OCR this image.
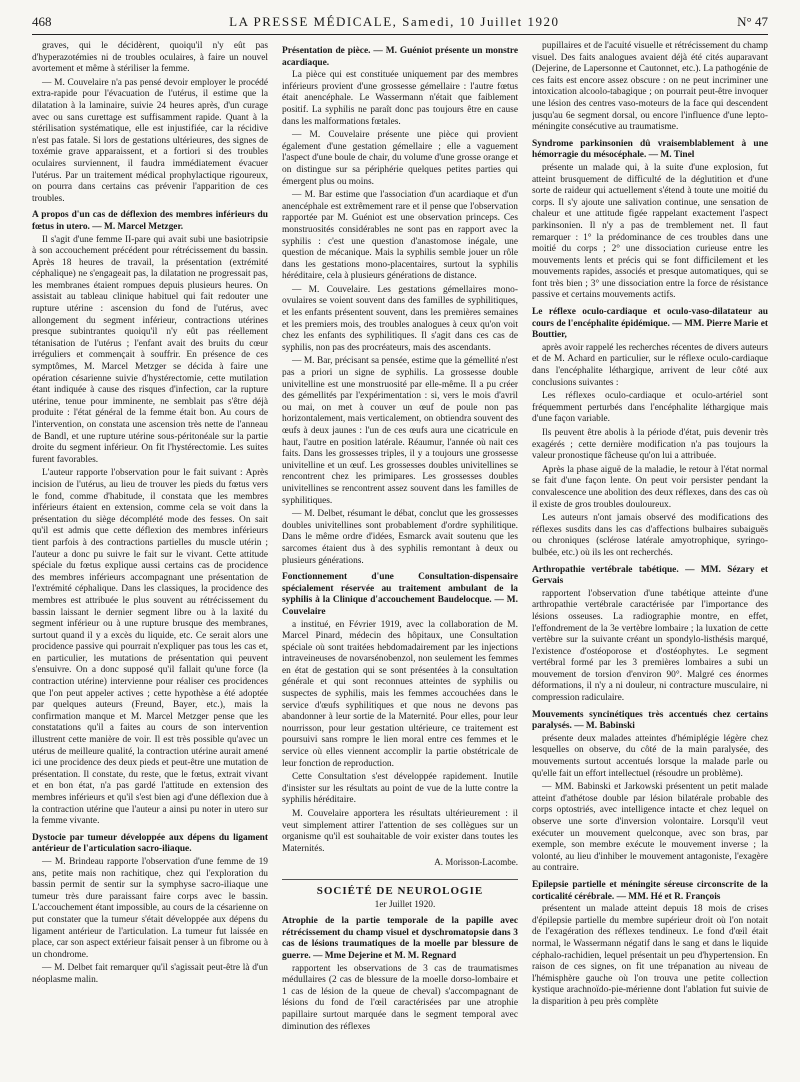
468	LA PRESSE MÉDICALE, Samedi, 10 Juillet 1920	N° 47

graves, qui le décidèrent, quoiqu'il n'y eût pas d'hyperazotémies ni de troubles oculaires, à faire un nouvel avortement et même à stériliser la femme.

— M. Couvelaire n'a pas pensé devoir employer le procédé extra-rapide pour l'évacuation de l'utérus, il estime que la dilatation à la laminaire, suivie 24 heures après, d'un curage avec ou sans curettage est suffisamment rapide. Quant à la stérilisation systématique, elle est injustifiée, car la récidive n'est pas fatale. Si lors de gestations ultérieures, des signes de toxémie grave apparaissent, et a fortiori si des troubles oculaires surviennent, il faudra immédiatement évacuer l'utérus. Par un traitement médical prophylactique rigoureux, on pourra dans certains cas prévenir l'apparition de ces troubles.

A propos d'un cas de déflexion des membres inférieurs du fœtus in utero. — M. Marcel Metzger.

Il s'agit d'une femme II-pare qui avait subi une basiotripsie à son accouchement précédent pour rétrécissement du bassin. Après 18 heures de travail, la présentation (extrémité céphalique) ne s'engageait pas, la dilatation ne progressait pas, les membranes étaient rompues depuis plusieurs heures. On assistait au tableau clinique habituel qui fait redouter une rupture utérine : ascension du fond de l'utérus, avec allongement du segment inférieur, contractions utérines presque subintrantes quoiqu'il n'y eût pas réellement tétanisation de l'utérus ; l'enfant avait des bruits du cœur irréguliers et commençait à souffrir. En présence de ces symptômes, M. Marcel Metzger se décida à faire une opération césarienne suivie d'hystérectomie, cette mutilation étant indiquée à cause des risques d'infection, car la rupture utérine, tenue pour imminente, ne semblait pas s'être déjà produite : l'état général de la femme était bon. Au cours de l'intervention, on constata une ascension très nette de l'anneau de Bandl, et une rupture utérine sous-péritonéale sur la partie droite du segment inférieur. On fit l'hystérectomie. Les suites furent favorables.

L'auteur rapporte l'observation pour le fait suivant : Après incision de l'utérus, au lieu de trouver les pieds du fœtus vers le fond, comme d'habitude, il constata que les membres inférieurs étaient en extension, comme cela se voit dans la présentation du siège décomplété mode des fesses. On sait qu'il est admis que cette déflexion des membres inférieurs tient parfois à des contractions partielles du muscle utérin ; l'auteur a donc pu suivre le fait sur le vivant. Cette attitude spéciale du fœtus explique aussi certains cas de procidence des membres inférieurs accompagnant une présentation de l'extrémité céphalique. Dans les classiques, la procidence des membres est attribuée le plus souvent au rétrécissement du bassin laissant le dernier segment libre ou à la laxité du segment inférieur ou à une rupture brusque des membranes, surtout quand il y a excès du liquide, etc. Ce serait alors une procidence passive qui pourrait n'expliquer pas tous les cas et, en particulier, les mutations de présentation qui peuvent s'ensuivre. On a donc supposé qu'il fallait qu'une force (la contraction utérine) intervienne pour réaliser ces procidences que l'on peut appeler actives ; cette hypothèse a été adoptée par quelques auteurs (Freund, Bayer, etc.), mais la confirmation manque et M. Marcel Metzger pense que les constatations qu'il a faites au cours de son intervention illustrent cette manière de voir. Il est très possible qu'avec un utérus de meilleure qualité, la contraction utérine aurait amené ici une procidence des deux pieds et peut-être une mutation de présentation. Il constate, du reste, que le fœtus, extrait vivant et en bon état, n'a pas gardé l'attitude en extension des membres inférieurs et qu'il s'est bien agi d'une déflexion due à la contraction utérine que l'auteur a ainsi pu noter in utero sur la femme vivante.

Dystocie par tumeur développée aux dépens du ligament antérieur de l'articulation sacro-iliaque.

— M. Brindeau rapporte l'observation d'une femme de 19 ans, petite mais non rachitique, chez qui l'exploration du bassin permit de sentir sur la symphyse sacro-iliaque une tumeur très dure paraissant faire corps avec le bassin. L'accouchement étant impossible, au cours de la césarienne on put constater que la tumeur s'était développée aux dépens du ligament antérieur de l'articulation. La tumeur fut laissée en place, car son aspect extérieur faisait penser à un fibrome ou à un chondrome.

— M. Delbet fait remarquer qu'il s'agissait peut-être là d'un néoplasme malin.

Présentation de pièce. — M. Guéniot présente un monstre acardiaque.

La pièce qui est constituée uniquement par des membres inférieurs provient d'une grossesse gémellaire : l'autre fœtus était anencéphale. Le Wassermann n'était que faiblement positif. La syphilis ne paraît donc pas toujours être en cause dans les malformations fœtales.

— M. Couvelaire présente une pièce qui provient également d'une gestation gémellaire ; elle a vaguement l'aspect d'une boule de chair, du volume d'une grosse orange et on distingue sur sa périphérie quelques petites parties qui émergent plus ou moins.

— M. Bar estime que l'association d'un acardiaque et d'un anencéphale est extrêmement rare et il pense que l'observation rapportée par M. Guéniot est une observation princeps. Ces monstruosités considérables ne sont pas en rapport avec la syphilis : c'est une question d'anastomose inégale, une question de mécanique. Mais la syphilis semble jouer un rôle dans les gestations mono-placentaires, surtout la syphilis héréditaire, cela à plusieurs générations de distance.

— M. Couvelaire. Les gestations gémellaires mono-ovulaires se voient souvent dans des familles de syphilitiques, et les enfants présentent souvent, dans les premières semaines et les premiers mois, des troubles analogues à ceux qu'on voit chez les enfants des syphilitiques. Il s'agit dans ces cas de syphilis, non pas des procréateurs, mais des ascendants.

— M. Bar, précisant sa pensée, estime que la gémellité n'est pas a priori un signe de syphilis. La grossesse double univitelline est une monstruosité par elle-même. Il a pu créer des gémellités par l'expérimentation : si, vers le mois d'avril ou mai, on met à couver un œuf de poule non pas horizontalement, mais verticalement, on obtiendra souvent des œufs à deux jaunes : l'un de ces œufs aura une cicatricule en haut, l'autre en position latérale. Réaumur, l'année où nait ces faits. Dans les grossesses triples, il y a toujours une grossesse univitelline et un œuf. Les grossesses doubles univitellines se rencontrent chez les primipares. Les grossesses doubles univitellines se rencontrent assez souvent dans les familles de syphilitiques.

— M. Delbet, résumant le débat, conclut que les grossesses doubles univitellines sont probablement d'ordre syphilitique. Dans le même ordre d'idées, Esmarck avait soutenu que les sarcomes étaient dus à des syphilis remontant à deux ou plusieurs générations.

Fonctionnement d'une Consultation-dispensaire spécialement réservée au traitement ambulant de la syphilis à la Clinique d'accouchement Baudelocque. — M. Couvelaire

a institué, en Février 1919, avec la collaboration de M. Marcel Pinard, médecin des hôpitaux, une Consultation spéciale où sont traitées hebdomadairement par les injections intraveineuses de novarsénobenzol, non seulement les femmes en état de gestation qui se sont présentées à la consultation générale et qui sont reconnues atteintes de syphilis ou suspectes de syphilis, mais les femmes accouchées dans le service d'œufs syphilitiques et que nous ne devons pas abandonner à leur sortie de la Maternité. Pour elles, pour leur nourrisson, pour leur gestation ultérieure, ce traitement est poursuivi sans rompre le lien moral entre ces femmes et le service où elles viennent accomplir la partie obstétricale de leur fonction de reproduction.

Cette Consultation s'est développée rapidement. Inutile d'insister sur les résultats au point de vue de la lutte contre la syphilis héréditaire.

M. Couvelaire apportera les résultats ultérieurement : il veut simplement attirer l'attention de ses collègues sur un organisme qu'il est souhaitable de voir exister dans toutes les Maternités.

A. Morisson-Lacombe.

SOCIÉTÉ DE NEUROLOGIE

1er Juillet 1920.

Atrophie de la partie temporale de la papille avec rétrécissement du champ visuel et dyschromatopsie dans 3 cas de lésions traumatiques de la moelle par blessure de guerre. — Mme Dejerine et M. M. Regnard

rapportent les observations de 3 cas de traumatismes médullaires (2 cas de blessure de la moelle dorso-lombaire et 1 cas de lésion de la queue de cheval) s'accompagnant de lésions du fond de l'œil caractérisées par une atrophie papillaire surtout marquée dans le segment temporal avec diminution des réflexes

pupillaires et de l'acuité visuelle et rétrécissement du champ visuel. Des faits analogues avaient déjà été cités auparavant (Dejerine, de Lapersonne et Cautonnet, etc.). La pathogénie de ces faits est encore assez obscure : on ne peut incriminer une intoxication alcoolo-tabagique ; on pourrait peut-être invoquer une lésion des centres vaso-moteurs de la face qui descendent jusqu'au 6e segment dorsal, ou encore l'influence d'une lepto-méningite consécutive au traumatisme.

Syndrome parkinsonien dû vraisemblablement à une hémorragie du mésocéphale. — M. Tinel

présente un malade qui, à la suite d'une explosion, fut atteint brusquement de difficulté de la déglutition et d'une sorte de raideur qui actuellement s'étend à toute une moitié du corps. Il s'y ajoute une salivation continue, une sensation de chaleur et une attitude figée rappelant exactement l'aspect parkinsonien. Il n'y a pas de tremblement net. Il faut remarquer : 1° la prédominance de ces troubles dans une moitié du corps ; 2° une dissociation curieuse entre les mouvements lents et précis qui se font difficilement et les mouvements rapides, associés et presque automatiques, qui se font très bien ; 3° une dissociation entre la force de résistance passive et certains mouvements actifs.

Le réflexe oculo-cardiaque et oculo-vaso-dilatateur au cours de l'encéphalite épidémique. — MM. Pierre Marie et Bouttier,

après avoir rappelé les recherches récentes de divers auteurs et de M. Achard en particulier, sur le réflexe oculo-cardiaque dans l'encéphalite léthargique, arrivent de leur côté aux conclusions suivantes :

Les réflexes oculo-cardiaque et oculo-artériel sont fréquemment perturbés dans l'encéphalite léthargique mais d'une façon variable.

Ils peuvent être abolis à la période d'état, puis devenir très exagérés ; cette dernière modification n'a pas toujours la valeur pronostique fâcheuse qu'on lui a attribuée.

Après la phase aiguë de la maladie, le retour à l'état normal se fait d'une façon lente. On peut voir persister pendant la convalescence une abolition des deux réflexes, dans des cas où il existe de gros troubles douloureux.

Les auteurs n'ont jamais observé des modifications des réflexes susdits dans les cas d'affections bulbaires subaiguës ou chroniques (sclérose latérale amyotrophique, syringo-bulbée, etc.) où ils les ont recherchés.

Arthropathie vertébrale tabétique. — MM. Sézary et Gervais

rapportent l'observation d'une tabétique atteinte d'une arthropathie vertébrale caractérisée par l'importance des lésions osseuses. La radiographie montre, en effet, l'effondrement de la 3e vertèbre lombaire ; la luxation de cette vertèbre sur la suivante créant un spondylo-listhésis marqué, l'existence d'ostéoporose et d'ostéophytes. Le segment vertébral formé par les 3 premières lombaires a subi un mouvement de torsion d'environ 90°. Malgré ces énormes déformations, il n'y a ni douleur, ni contracture musculaire, ni compression radiculaire.

Mouvements syncinétiques très accentués chez certains paralysés. — M. Babinski

présente deux malades atteintes d'hémiplégie légère chez lesquelles on observe, du côté de la main paralysée, des mouvements surtout accentués lorsque la malade parle ou qu'elle fait un effort intellectuel (résoudre un problème).

— MM. Babinski et Jarkowski présentent un petit malade atteint d'athétose double par lésion bilatérale probable des corps optostriés, avec intelligence intacte et chez lequel on observe une sorte d'inversion volontaire. Lorsqu'il veut exécuter un mouvement quelconque, avec son bras, par exemple, son membre exécute le mouvement inverse ; la volonté, au lieu d'inhiber le mouvement antagoniste, l'exagère au contraire.

Epilepsie partielle et méningite séreuse circonscrite de la corticalité cérébrale. — MM. Hé et R. François

présentent un malade atteint depuis 18 mois de crises d'épilepsie partielle du membre supérieur droit où l'on notait de l'exagération des réflexes tendineux. Le fond d'œil était normal, le Wassermann négatif dans le sang et dans le liquide céphalo-rachidien, lequel présentait un peu d'hypertension. En raison de ces signes, on fit une trépanation au niveau de l'hémisphère gauche où l'on trouva une petite collection kystique arachnoïdo-pie-mérienne dont l'ablation fut suivie de la disparition à peu près complète
